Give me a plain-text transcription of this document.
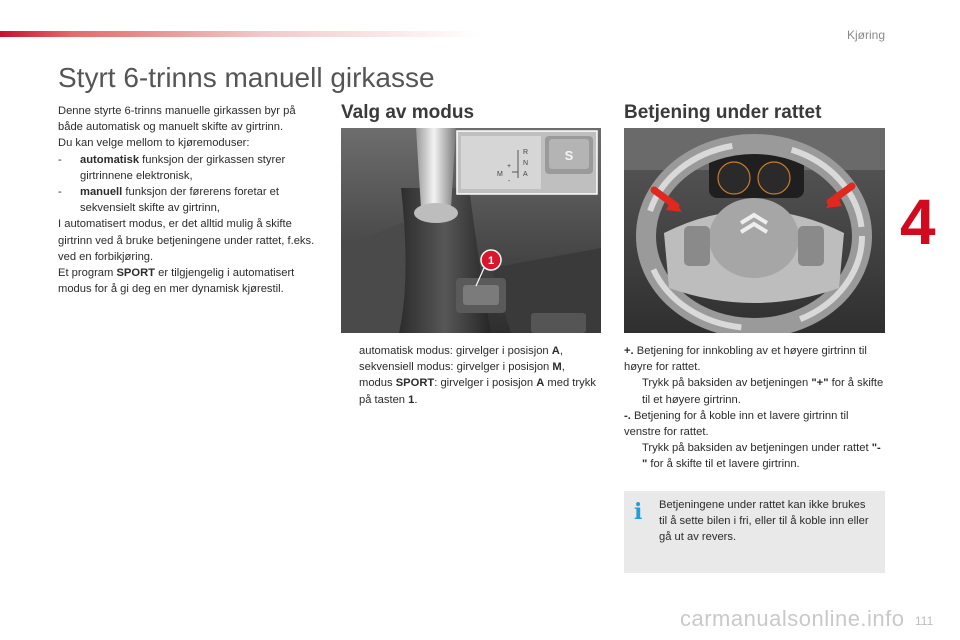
Kjøring
4
Styrt 6-trinns manuell girkasse

Denne styrte 6-trinns manuelle girkassen byr på både automatisk og manuelt skifte av girtrinn.

Du kan velge mellom to kjøremoduser:

-	automatisk funksjon der girkassen styrer girtrinnene elektronisk,
-	manuell funksjon der førerens foretar et sekvensielt skifte av girtrinn,

I automatisert modus, er det alltid mulig å skifte girtrinn ved å bruke betjeningene under rattet, f.eks. ved en forbikjøring.

Et program SPORT er tilgjengelig i automatisert modus for å gi deg en mer dynamisk kjørestil.

Valg av modus	Betjening under rattet
1
S
R
N
A
M
+
-
automatisk modus: girvelger i posisjon A,
sekvensiell modus: girvelger i posisjon M,
modus SPORT: girvelger i posisjon A med trykk på tasten 1.
+. Betjening for innkobling av et høyere girtrinn til høyre for rattet.
Trykk på baksiden av betjeningen "+" for å skifte til et høyere girtrinn.
-. Betjening for å koble inn et lavere girtrinn til venstre for rattet.
Trykk på baksiden av betjeningen under rattet "-" for å skifte til et lavere girtrinn.
i Betjeningene under rattet kan ikke brukes til å sette bilen i fri, eller til å koble inn eller gå ut av revers.
carmanualsonline.info 111
